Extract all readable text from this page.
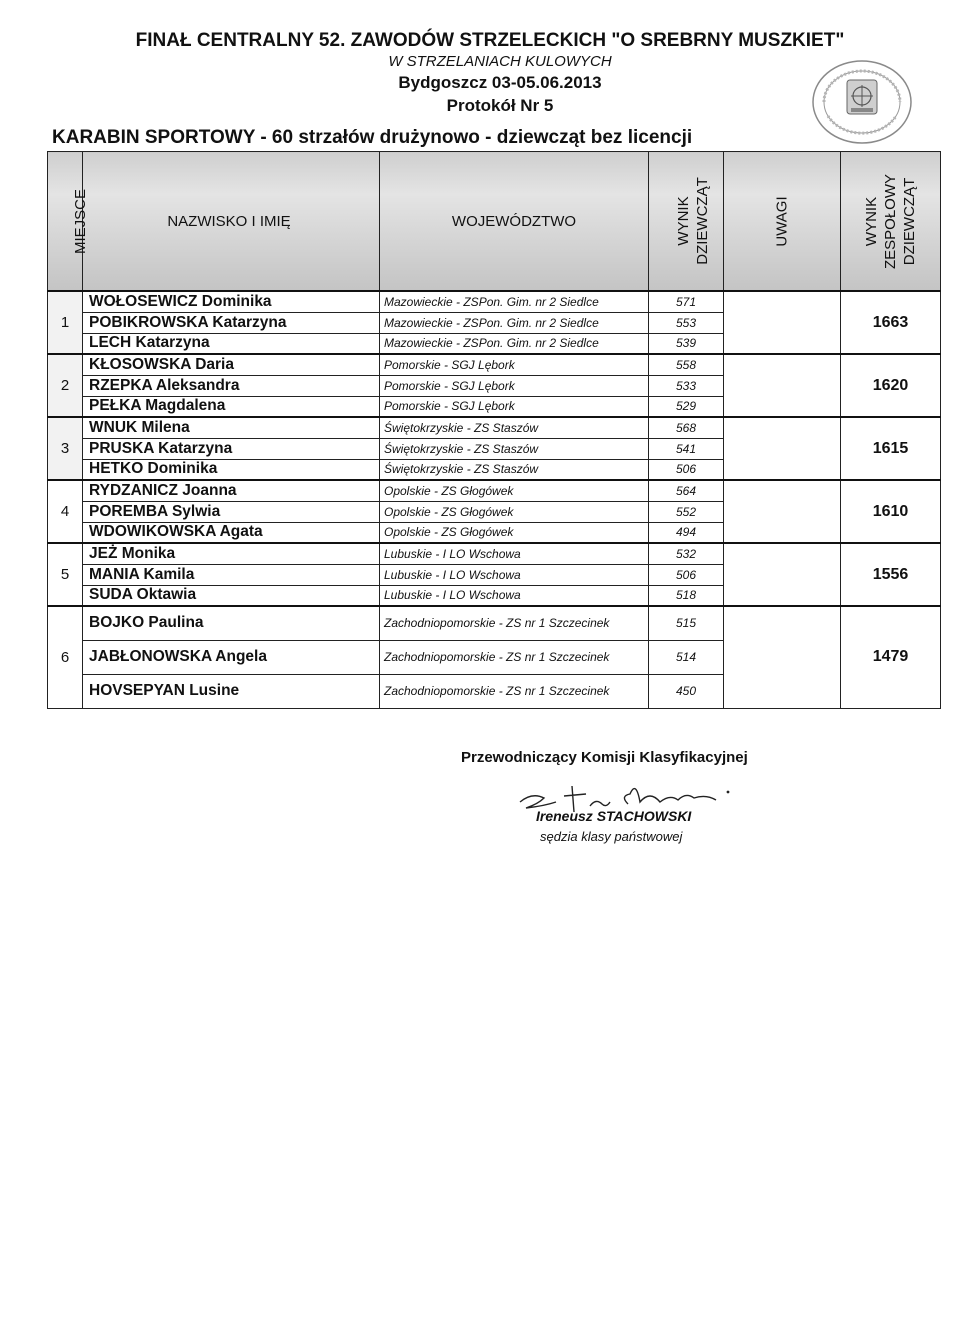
FINAŁ CENTRALNY 52. ZAWODÓW STRZELECKICH "O SREBRNY MUSZKIET"
W STRZELANIACH KULOWYCH
Bydgoszcz 03-05.06.2013
Protokół Nr 5
KARABIN SPORTOWY - 60 strzałów drużynowo - dziewcząt bez licencji
MIEJSCE	NAZWISKO I IMIĘ	WOJEWÓDZTWO	WYNIK DZIEWCZĄT	UWAGI	WYNIK ZESPOŁOWY DZIEWCZĄT
1	WOŁOSEWICZ Dominika	Mazowieckie - ZSPon. Gim. nr 2 Siedlce	571		1663
	POBIKROWSKA Katarzyna	Mazowieckie - ZSPon. Gim. nr 2 Siedlce	553		
	LECH Katarzyna	Mazowieckie - ZSPon. Gim. nr 2 Siedlce	539		
2	KŁOSOWSKA Daria	Pomorskie - SGJ Lębork	558		1620
	RZEPKA Aleksandra	Pomorskie - SGJ Lębork	533		
	PEŁKA Magdalena	Pomorskie - SGJ Lębork	529		
3	WNUK Milena	Świętokrzyskie - ZS Staszów	568		1615
	PRUSKA Katarzyna	Świętokrzyskie - ZS Staszów	541		
	HETKO Dominika	Świętokrzyskie - ZS Staszów	506		
4	RYDZANICZ Joanna	Opolskie - ZS Głogówek	564		1610
	POREMBA Sylwia	Opolskie - ZS Głogówek	552		
	WDOWIKOWSKA Agata	Opolskie - ZS Głogówek	494		
5	JEŻ Monika	Lubuskie - I LO Wschowa	532		1556
	MANIA Kamila	Lubuskie - I LO Wschowa	506		
	SUDA Oktawia	Lubuskie - I LO Wschowa	518		
6	BOJKO Paulina	Zachodniopomorskie - ZS nr 1 Szczecinek	515		1479
	JABŁONOWSKA Angela	Zachodniopomorskie - ZS nr 1 Szczecinek	514		
	HOVSEPYAN Lusine	Zachodniopomorskie - ZS nr 1 Szczecinek	450		
Przewodniczący Komisji Klasyfikacyjnej
Ireneusz STACHOWSKI
sędzia klasy państwowej
